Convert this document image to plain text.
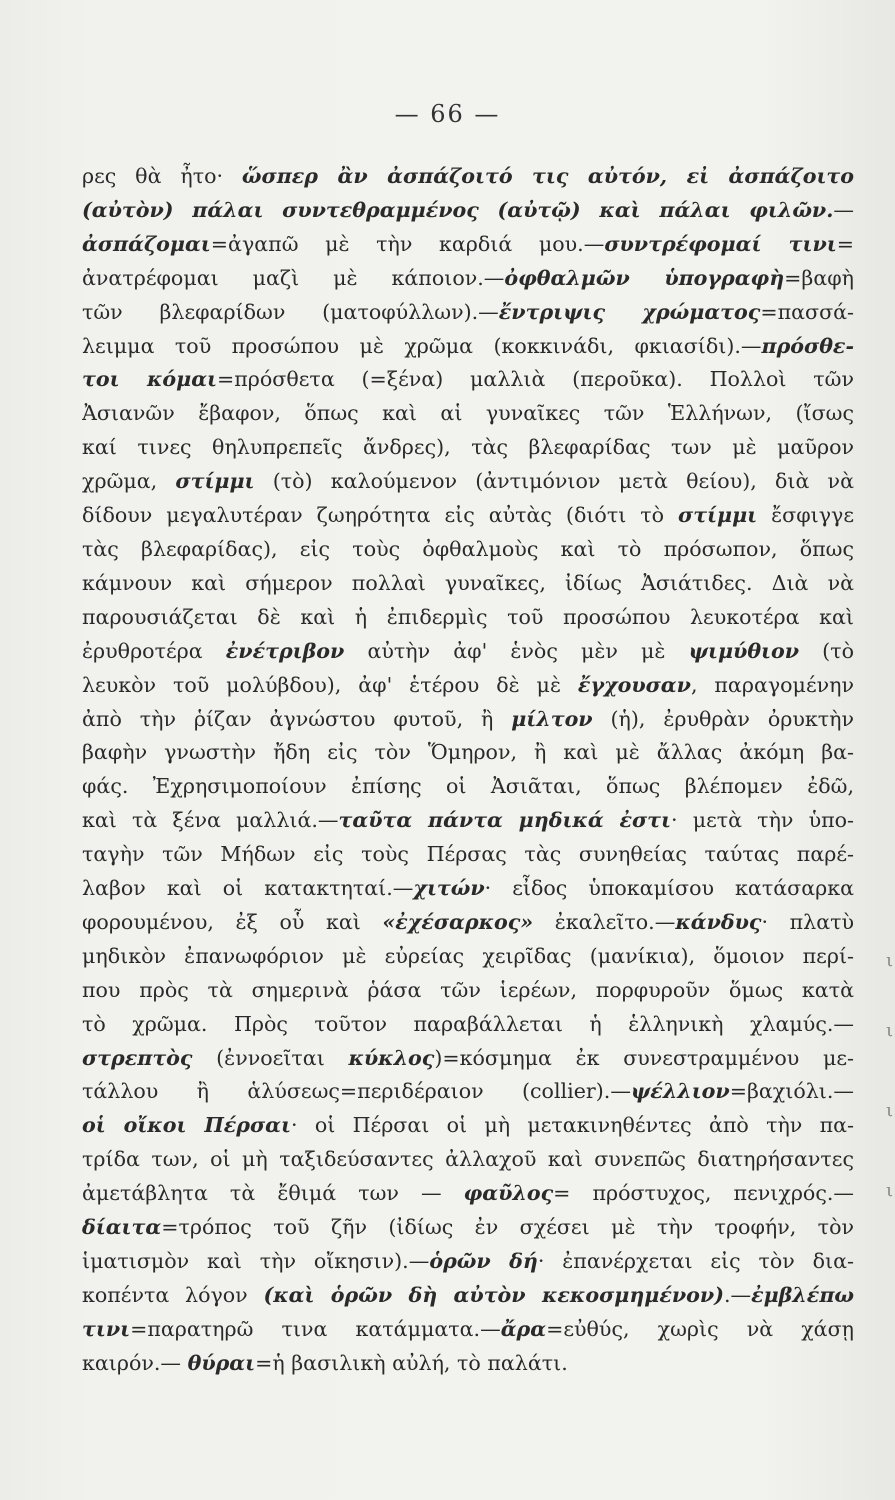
— 66 —
ρες θὰ ἦτο· ὥσπερ ἂν ἀσπάζοιτό τις αὐτόν, εἰ ἀσπάζοιτο
(αὐτὸν) πάλαι συντεθραμμένος (αὐτῷ) καὶ πάλαι φιλῶν.—
ἀσπάζομαι=ἀγαπῶ μὲ τὴν καρδιά μου.—συντρέφομαί τινι=
ἀνατρέφομαι μαζὶ μὲ κάποιον.—ὀφθαλμῶν ὑπογραφὴ=βαφὴ
τῶν βλεφαρίδων (ματοφύλλων).—ἔντριψις χρώματος=πασσά-
λειμμα τοῦ προσώπου μὲ χρῶμα (κοκκινάδι, φκιασίδι).—πρόσθε-
τοι κόμαι=πρόσθετα (=ξένα) μαλλιὰ (περοῦκα). Πολλοὶ τῶν
Ἀσιανῶν ἔβαφον, ὅπως καὶ αἱ γυναῖκες τῶν Ἑλλήνων, (ἴσως
καί τινες θηλυπρεπεῖς ἄνδρες), τὰς βλεφαρίδας των μὲ μαῦρον
χρῶμα, στίμμι (τὸ) καλούμενον (ἀντιμόνιον μετὰ θείου), διὰ νὰ
δίδουν μεγαλυτέραν ζωηρότητα εἰς αὐτὰς (διότι τὸ στίμμι ἔσφιγγε
τὰς βλεφαρίδας), εἰς τοὺς ὀφθαλμοὺς καὶ τὸ πρόσωπον, ὅπως
κάμνουν καὶ σήμερον πολλαὶ γυναῖκες, ἰδίως Ἀσιάτιδες. Διὰ νὰ
παρουσιάζεται δὲ καὶ ἡ ἐπιδερμὶς τοῦ προσώπου λευκοτέρα καὶ
ἐρυθροτέρα ἐνέτριβον αὐτὴν ἀφ' ἑνὸς μὲν μὲ ψιμύθιον (τὸ
λευκὸν τοῦ μολύβδου), ἀφ' ἑτέρου δὲ μὲ ἔγχουσαν, παραγομένην
ἀπὸ τὴν ῥίζαν ἀγνώστου φυτοῦ, ἢ μίλτον (ἡ), ἐρυθρὰν ὀρυκτὴν
βαφὴν γνωστὴν ἤδη εἰς τὸν Ὅμηρον, ἢ καὶ μὲ ἄλλας ἀκόμη βα-
φάς. Ἐχρησιμοποίουν ἐπίσης οἱ Ἀσιᾶται, ὅπως βλέπομεν ἐδῶ,
καὶ τὰ ξένα μαλλιά.—ταῦτα πάντα μηδικά ἐστι· μετὰ τὴν ὑπο-
ταγὴν τῶν Μήδων εἰς τοὺς Πέρσας τὰς συνηθείας ταύτας παρέ-
λαβον καὶ οἱ κατακτηταί.—χιτών· εἶδος ὑποκαμίσου κατάσαρκα
φορουμένου, ἐξ οὗ καὶ «ἐχέσαρκος» ἐκαλεῖτο.—κάνδυς· πλατὺ
μηδικὸν ἐπανωφόριον μὲ εὐρείας χειρῖδας (μανίκια), ὅμοιον περί-
που πρὸς τὰ σημερινὰ ῥάσα τῶν ἱερέων, πορφυροῦν ὅμως κατὰ
τὸ χρῶμα. Πρὸς τοῦτον παραβάλλεται ἡ ἑλληνικὴ χλαμύς.—
στρεπτὸς (ἐννοεῖται κύκλος)=κόσμημα ἐκ συνεστραμμένου με-
τάλλου ἢ ἁλύσεως=περιδέραιον (collier).—ψέλλιον=βαχιόλι.—
οἱ οἴκοι Πέρσαι· οἱ Πέρσαι οἱ μὴ μετακινηθέντες ἀπὸ τὴν πα-
τρίδα των, οἱ μὴ ταξιδεύσαντες ἀλλαχοῦ καὶ συνεπῶς διατηρήσαντες
ἀμετάβλητα τὰ ἔθιμά των — φαῦλος= πρόστυχος, πενιχρός.—
δίαιτα=τρόπος τοῦ ζῆν (ἰδίως ἐν σχέσει μὲ τὴν τροφήν, τὸν
ἱματισμὸν καὶ τὴν οἴκησιν).—ὁρῶν δή· ἐπανέρχεται εἰς τὸν δια-
κοπέντα λόγον (καὶ ὁρῶν δὴ αὐτὸν κεκοσμημένον).—ἐμβλέπω
τινι=παρατηρῶ τινα κατάμματα.—ἄρα=εὐθύς, χωρὶς νὰ χάσῃ
καιρόν.— θύραι=ἡ βασιλικὴ αὐλή, τὸ παλάτι.
ι
ι
ι
ι
